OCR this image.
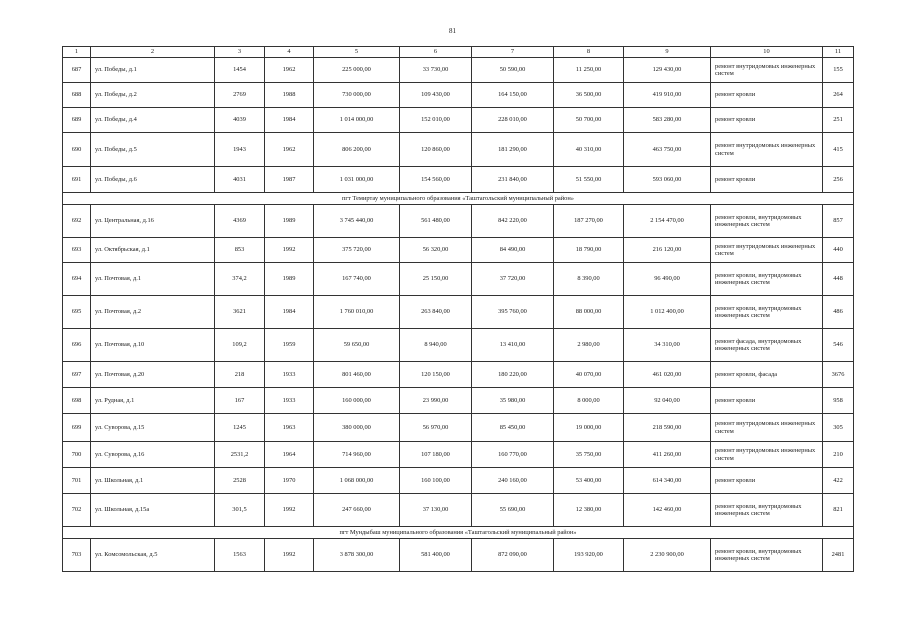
81
1	2	3	4	5	6	7	8	9	10	11
687	ул. Победы, д.1	1454	1962	225 000,00	33 730,00	50 590,00	11 250,00	129 430,00	ремонт внутридомовых инженерных систем	155
688	ул. Победы, д.2	2769	1988	730 000,00	109 430,00	164 150,00	36 500,00	419 910,00	ремонт кровли	264
689	ул. Победы, д.4	4039	1984	1 014 000,00	152 010,00	228 010,00	50 700,00	583 280,00	ремонт кровли	251
690	ул. Победы, д.5	1943	1962	806 200,00	120 860,00	181 290,00	40 310,00	463 750,00	ремонт внутридомовых инженерных систем	415
691	ул. Победы, д.6	4031	1987	1 031 000,00	154 560,00	231 840,00	51 550,00	593 060,00	ремонт кровли	256
пгт Темиртау муниципального образования «Таштагольский муниципальный район»										
692	ул. Центральная, д.16	4369	1989	3 745 440,00	561 480,00	842 220,00	187 270,00	2 154 470,00	ремонт кровли, внутридомовых инженерных систем	857
693	ул. Октябрьская, д.1	853	1992	375 720,00	56 320,00	84 490,00	18 790,00	216 120,00	ремонт внутридомовых инженерных систем	440
694	ул. Почтовая, д.1	374,2	1989	167 740,00	25 150,00	37 720,00	8 390,00	96 490,00	ремонт кровли, внутридомовых инженерных систем	448
695	ул. Почтовая, д.2	3621	1984	1 760 010,00	263 840,00	395 760,00	88 000,00	1 012 400,00	ремонт кровли, внутридомовых инженерных систем	486
696	ул. Почтовая, д.10	109,2	1959	59 650,00	8 940,00	13 410,00	2 980,00	34 310,00	ремонт фасада, внутридомовых инженерных систем	546
697	ул. Почтовая, д.20	218	1933	801 460,00	120 150,00	180 220,00	40 070,00	461 020,00	ремонт кровли, фасада	3676
698	ул. Рудная, д.1	167	1933	160 000,00	23 990,00	35 980,00	8 000,00	92 040,00	ремонт кровли	958
699	ул. Суворова, д.15	1245	1963	380 000,00	56 970,00	85 450,00	19 000,00	218 590,00	ремонт внутридомовых инженерных систем	305
700	ул. Суворова, д.16	2531,2	1964	714 960,00	107 180,00	160 770,00	35 750,00	411 260,00	ремонт внутридомовых инженерных систем	210
701	ул. Школьная, д.1	2528	1970	1 068 000,00	160 100,00	240 160,00	53 400,00	614 340,00	ремонт кровли	422
702	ул. Школьная, д.15а	301,5	1992	247 660,00	37 130,00	55 690,00	12 380,00	142 460,00	ремонт кровли, внутридомовых инженерных систем	821
пгт Мундыбаш муниципального образования «Таштагольский муниципальный район»										
703	ул. Комсомольская, д.5	1563	1992	3 878 300,00	581 400,00	872 090,00	193 920,00	2 230 900,00	ремонт кровли, внутридомовых инженерных систем	2481
